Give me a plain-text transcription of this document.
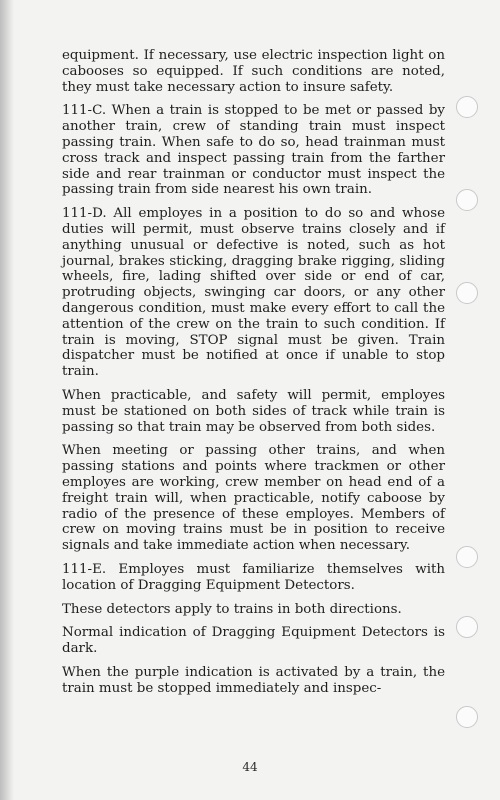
equipment. If necessary, use electric inspection light on cabooses so equipped. If such conditions are noted, they must take necessary action to insure safety.

111-C. When a train is stopped to be met or passed by another train, crew of standing train must inspect passing train. When safe to do so, head trainman must cross track and inspect passing train from the farther side and rear trainman or conductor must inspect the passing train from side nearest his own train.

111-D. All employes in a position to do so and whose duties will permit, must observe trains closely and if anything unusual or defective is noted, such as hot journal, brakes sticking, dragging brake rigging, sliding wheels, fire, lading shifted over side or end of car, protruding objects, swinging car doors, or any other dangerous condition, must make every effort to call the attention of the crew on the train to such condition. If train is moving, STOP signal must be given. Train dispatcher must be notified at once if unable to stop train.

When practicable, and safety will permit, employes must be stationed on both sides of track while train is passing so that train may be observed from both sides.

When meeting or passing other trains, and when passing stations and points where trackmen or other employes are working, crew member on head end of a freight train will, when practicable, notify caboose by radio of the presence of these employes. Members of crew on moving trains must be in position to receive signals and take immediate action when necessary.

111-E. Employes must familiarize themselves with location of Dragging Equipment Detectors.

These detectors apply to trains in both directions.

Normal indication of Dragging Equipment Detectors is dark.

When the purple indication is activated by a train, the train must be stopped immediately and inspec-

44
